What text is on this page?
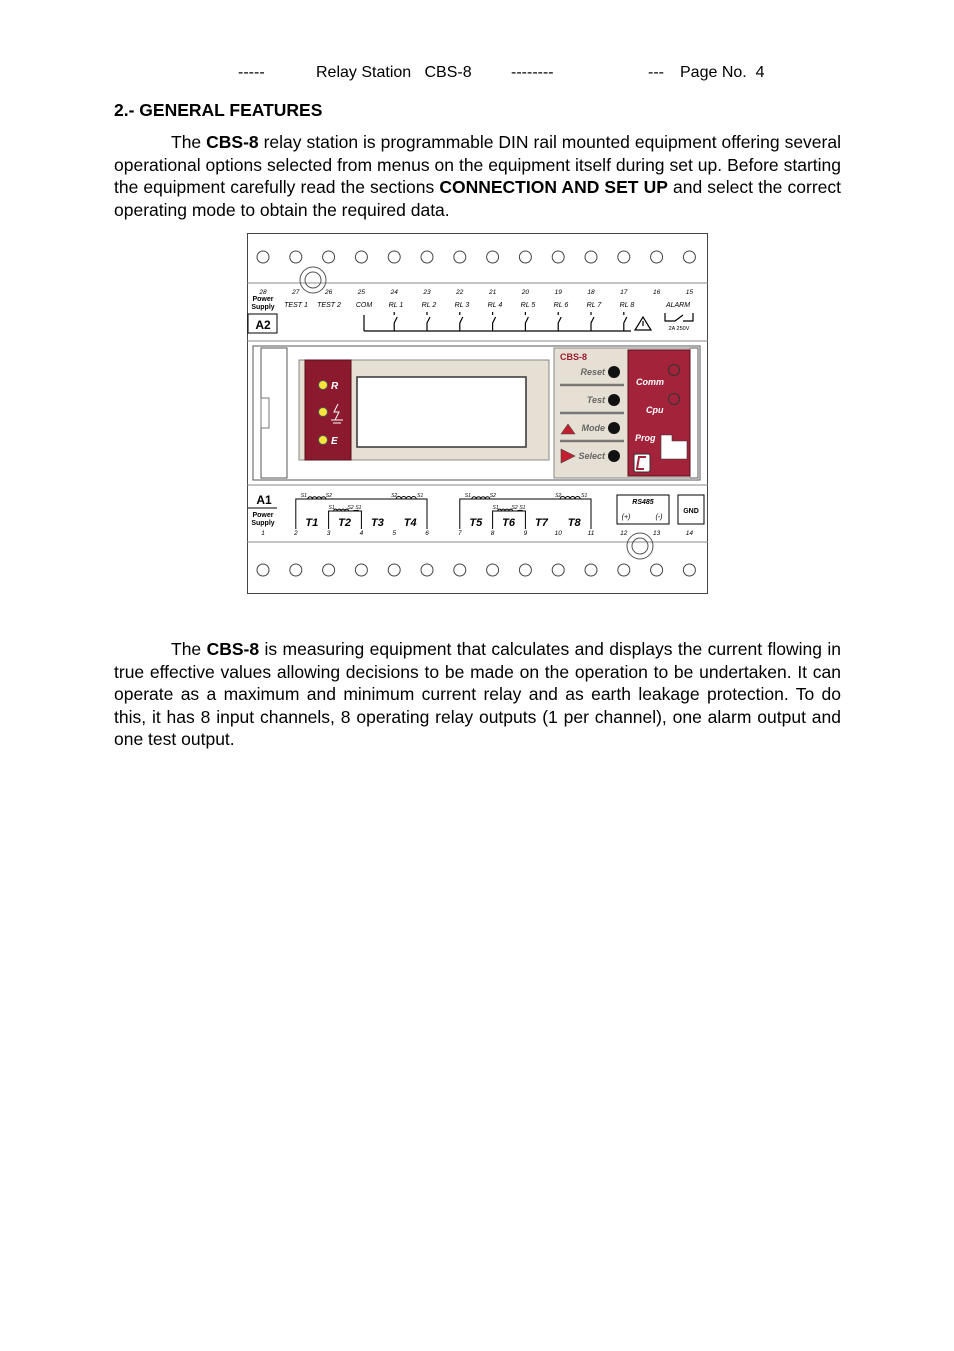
-----	Relay Station   CBS-8 --------	--- Page No.  4
2.- GENERAL FEATURES

The CBS-8 relay station is programmable DIN rail mounted equipment offering several operational options selected from menus on the equipment itself during set up. Before starting the equipment carefully read the sections CONNECTION AND SET UP and select the correct operating mode to obtain the required data.

28	27	26	25	24	23	22	21	20	19	18	17	16	15
TEST 1 TEST 2 COM RL 1	RL 2	RL 3	RL 4	RL 5	RL 6	RL 7	RL 8	ALARM
Power
Supply
A2	2A 250V
R
E
CBS-8
Reset
Test
Mode
Select
Comm
Cpu
Prog
A1
Power
Supply
S1	S2	S2	S1
S1	S2 S1
T1 T2 T3 T4
S1	S2	S2	S1
S1	S2 S1
T5 T6 T7 T8
RS485
(+)	(-)
GND
1	2	3	4	5	6	7	8	9	10	11	12	13	14

The CBS-8 is measuring equipment that calculates and displays the current flowing in true effective values allowing decisions to be made on the operation to be undertaken. It can operate as a maximum and minimum current relay and as earth leakage protection. To do this, it has 8 input channels, 8 operating relay outputs (1 per channel), one alarm output and one test output.
